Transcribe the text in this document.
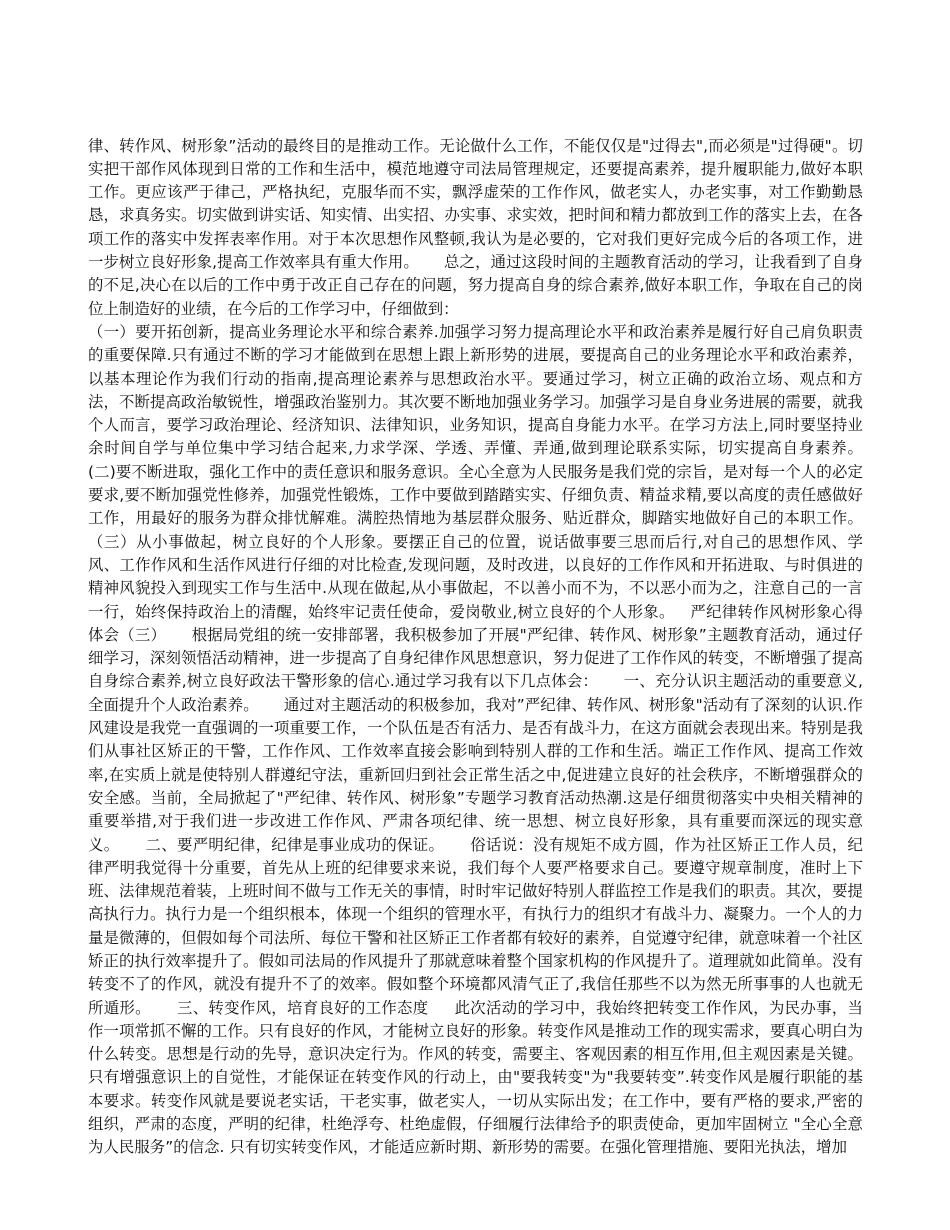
律、转作风、树形象”活动的最终目的是推动工作。无论做什么工作，不能仅仅是"过得去",而必须是"过得硬"。切实把干部作风体现到日常的工作和生活中，模范地遵守司法局管理规定，还要提高素养，提升履职能力,做好本职工作。更应该严于律己，严格执纪，克服华而不实，飘浮虚荣的工作作风，做老实人，办老实事，对工作勤勤恳恳，求真务实。切实做到讲实话、知实情、出实招、办实事、求实效，把时间和精力都放到工作的落实上去，在各项工作的落实中发挥表率作用。对于本次思想作风整顿,我认为是必要的，它对我们更好完成今后的各项工作，进一步树立良好形象,提高工作效率具有重大作用。     总之，通过这段时间的主题教育活动的学习，让我看到了自身的不足,决心在以后的工作中勇于改正自己存在的问题，努力提高自身的综合素养,做好本职工作，争取在自己的岗位上制造好的业绩，在今后的工作学习中，仔细做到：
（一）要开拓创新，提高业务理论水平和综合素养.加强学习努力提高理论水平和政治素养是履行好自己肩负职责的重要保障.只有通过不断的学习才能做到在思想上跟上新形势的进展，要提高自己的业务理论水平和政治素养，以基本理论作为我们行动的指南,提高理论素养与思想政治水平。要通过学习，树立正确的政治立场、观点和方法，不断提高政治敏锐性，增强政治鉴别力。其次要不断地加强业务学习。加强学习是自身业务进展的需要，就我个人而言，要学习政治理论、经济知识、法律知识，业务知识，提高自身能力水平。在学习方法上,同时要坚持业余时间自学与单位集中学习结合起来,力求学深、学透、弄懂、弄通,做到理论联系实际，切实提高自身素养。     (二)要不断进取，强化工作中的责任意识和服务意识。全心全意为人民服务是我们党的宗旨，是对每一个人的必定要求,要不断加强党性修养，加强党性锻炼，工作中要做到踏踏实实、仔细负责、精益求精,要以高度的责任感做好工作，用最好的服务为群众排忧解难。满腔热情地为基层群众服务、贴近群众，脚踏实地做好自己的本职工作。     （三）从小事做起，树立良好的个人形象。要摆正自己的位置，说话做事要三思而后行,对自己的思想作风、学风、工作作风和生活作风进行仔细的对比检查,发现问题，及时改进，以良好的工作作风和开拓进取、与时俱进的精神风貌投入到现实工作与生活中.从现在做起,从小事做起，不以善小而不为，不以恶小而为之，注意自己的一言一行，始终保持政治上的清醒，始终牢记责任使命，爱岗敬业,树立良好的个人形象。   严纪律转作风树形象心得体会（三）     根据局党组的统一安排部署，我积极参加了开展"严纪律、转作风、树形象”主题教育活动，通过仔细学习，深刻领悟活动精神，进一步提高了自身纪律作风思想意识，努力促进了工作作风的转变，不断增强了提高自身综合素养,树立良好政法干警形象的信心.通过学习我有以下几点体会：     一、充分认识主题活动的重要意义,全面提升个人政治素养。     通过对主题活动的积极参加，我对”严纪律、转作风、树形象"活动有了深刻的认识.作风建设是我党一直强调的一项重要工作，一个队伍是否有活力、是否有战斗力，在这方面就会表现出来。特别是我们从事社区矫正的干警，工作作风、工作效率直接会影响到特别人群的工作和生活。端正工作作风、提高工作效率,在实质上就是使特别人群遵纪守法，重新回归到社会正常生活之中,促进建立良好的社会秩序，不断增强群众的安全感。当前，全局掀起了"严纪律、转作风、树形象”专题学习教育活动热潮.这是仔细贯彻落实中央相关精神的重要举措,对于我们进一步改进工作作风、严肃各项纪律、统一思想、树立良好形象，具有重要而深远的现实意义。     二、要严明纪律，纪律是事业成功的保证。     俗话说：没有规矩不成方圆，作为社区矫正工作人员，纪律严明我觉得十分重要，首先从上班的纪律要求来说，我们每个人要严格要求自己。要遵守规章制度，准时上下班、法律规范着装，上班时间不做与工作无关的事情，时时牢记做好特别人群监控工作是我们的职责。其次，要提高执行力。执行力是一个组织根本，体现一个组织的管理水平，有执行力的组织才有战斗力、凝聚力。一个人的力量是微薄的，但假如每个司法所、每位干警和社区矫正工作者都有较好的素养，自觉遵守纪律，就意味着一个社区矫正的执行效率提升了。假如司法局的作风提升了那就意味着整个国家机构的作风提升了。道理就如此简单。没有转变不了的作风，就没有提升不了的效率。假如整个环境都风清气正了,我信任那些不以为然无所事事的人也就无所遁形。     三、转变作风，培育良好的工作态度     此次活动的学习中，我始终把转变工作作风，为民办事，当作一项常抓不懈的工作。只有良好的作风，才能树立良好的形象。转变作风是推动工作的现实需求，要真心明白为什么转变。思想是行动的先导，意识决定行为。作风的转变，需要主、客观因素的相互作用,但主观因素是关键。只有增强意识上的自觉性，才能保证在转变作风的行动上，由"要我转变"为"我要转变”.转变作风是履行职能的基本要求。转变作风就是要说老实话，干老实事，做老实人，一切从实际出发；在工作中，要有严格的要求,严密的组织，严肃的态度，严明的纪律，杜绝浮夸、杜绝虚假，仔细履行法律给予的职责使命，更加牢固树立 "全心全意为人民服务”的信念. 只有切实转变作风，才能适应新时期、新形势的需要。在强化管理措施、要阳光执法，增加
